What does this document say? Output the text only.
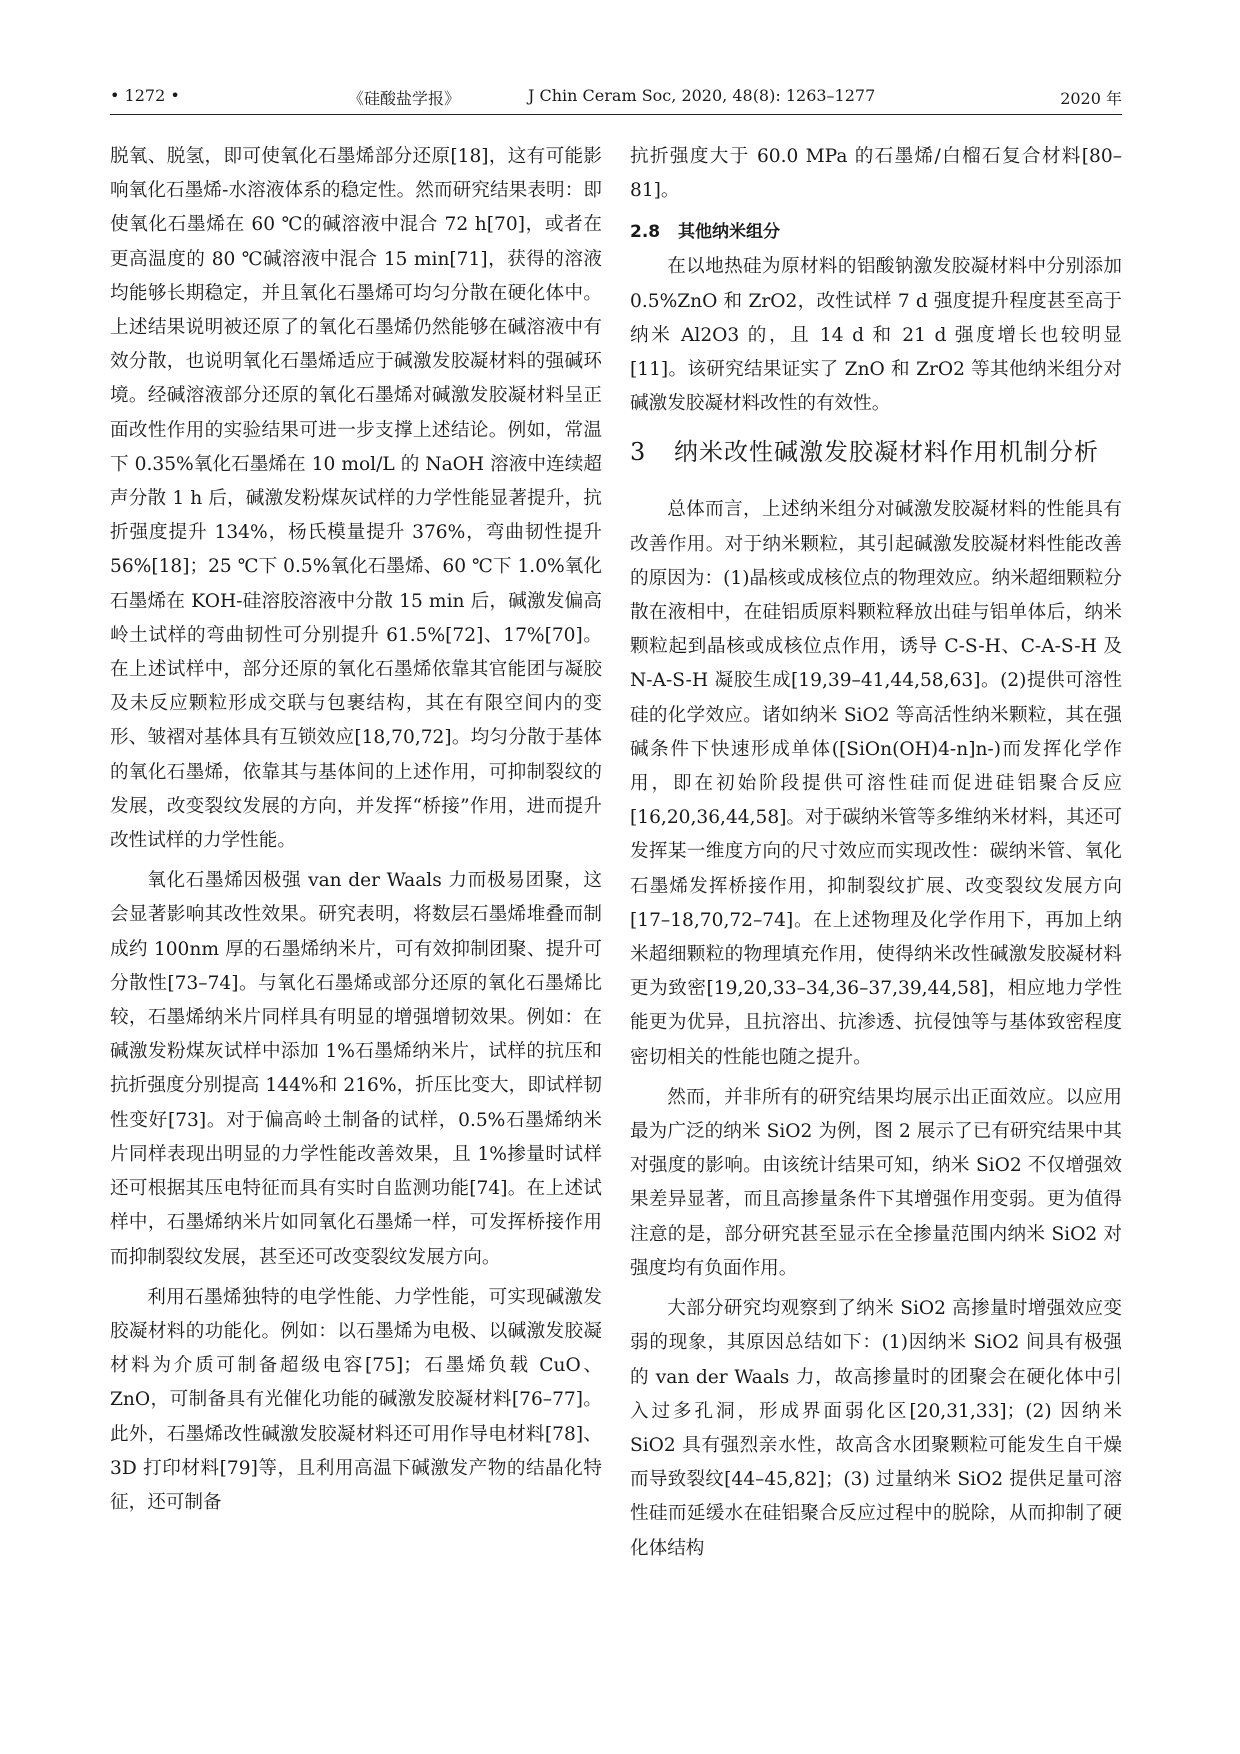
• 1272 •	《硅酸盐学报》	J Chin Ceram Soc, 2020, 48(8): 1263–1277	2020 年

脱氧、脱氢，即可使氧化石墨烯部分还原[18]，这有可能影响氧化石墨烯-水溶液体系的稳定性。然而研究结果表明：即使氧化石墨烯在 60 ℃的碱溶液中混合 72 h[70]，或者在更高温度的 80 ℃碱溶液中混合 15 min[71]，获得的溶液均能够长期稳定，并且氧化石墨烯可均匀分散在硬化体中。上述结果说明被还原了的氧化石墨烯仍然能够在碱溶液中有效分散，也说明氧化石墨烯适应于碱激发胶凝材料的强碱环境。经碱溶液部分还原的氧化石墨烯对碱激发胶凝材料呈正面改性作用的实验结果可进一步支撑上述结论。例如，常温下 0.35%氧化石墨烯在 10 mol/L 的 NaOH 溶液中连续超声分散 1 h 后，碱激发粉煤灰试样的力学性能显著提升，抗折强度提升 134%，杨氏模量提升 376%，弯曲韧性提升 56%[18]；25 ℃下 0.5%氧化石墨烯、60 ℃下 1.0%氧化石墨烯在 KOH-硅溶胶溶液中分散 15 min 后，碱激发偏高岭土试样的弯曲韧性可分别提升 61.5%[72]、17%[70]。在上述试样中，部分还原的氧化石墨烯依靠其官能团与凝胶及未反应颗粒形成交联与包裹结构，其在有限空间内的变形、皱褶对基体具有互锁效应[18,70,72]。均匀分散于基体的氧化石墨烯，依靠其与基体间的上述作用，可抑制裂纹的发展，改变裂纹发展的方向，并发挥“桥接”作用，进而提升改性试样的力学性能。

氧化石墨烯因极强 van der Waals 力而极易团聚，这会显著影响其改性效果。研究表明，将数层石墨烯堆叠而制成约 100nm 厚的石墨烯纳米片，可有效抑制团聚、提升可分散性[73–74]。与氧化石墨烯或部分还原的氧化石墨烯比较，石墨烯纳米片同样具有明显的增强增韧效果。例如：在碱激发粉煤灰试样中添加 1%石墨烯纳米片，试样的抗压和抗折强度分别提高 144%和 216%，折压比变大，即试样韧性变好[73]。对于偏高岭土制备的试样，0.5%石墨烯纳米片同样表现出明显的力学性能改善效果，且 1%掺量时试样还可根据其压电特征而具有实时自监测功能[74]。在上述试样中，石墨烯纳米片如同氧化石墨烯一样，可发挥桥接作用而抑制裂纹发展，甚至还可改变裂纹发展方向。

利用石墨烯独特的电学性能、力学性能，可实现碱激发胶凝材料的功能化。例如：以石墨烯为电极、以碱激发胶凝材料为介质可制备超级电容[75]；石墨烯负载 CuO、ZnO，可制备具有光催化功能的碱激发胶凝材料[76–77]。此外，石墨烯改性碱激发胶凝材料还可用作导电材料[78]、3D 打印材料[79]等，且利用高温下碱激发产物的结晶化特征，还可制备

抗折强度大于 60.0 MPa 的石墨烯/白榴石复合材料[80–81]。

2.8 其他纳米组分

在以地热硅为原材料的铝酸钠激发胶凝材料中分别添加 0.5%ZnO 和 ZrO2，改性试样 7 d 强度提升程度甚至高于纳米 Al2O3 的，且 14 d 和 21 d 强度增长也较明显[11]。该研究结果证实了 ZnO 和 ZrO2 等其他纳米组分对碱激发胶凝材料改性的有效性。

3	纳米改性碱激发胶凝材料作用机制分析

总体而言，上述纳米组分对碱激发胶凝材料的性能具有改善作用。对于纳米颗粒，其引起碱激发胶凝材料性能改善的原因为：(1)晶核或成核位点的物理效应。纳米超细颗粒分散在液相中，在硅铝质原料颗粒释放出硅与铝单体后，纳米颗粒起到晶核或成核位点作用，诱导 C-S-H、C-A-S-H 及 N-A-S-H 凝胶生成[19,39–41,44,58,63]。(2)提供可溶性硅的化学效应。诸如纳米 SiO2 等高活性纳米颗粒，其在强碱条件下快速形成单体([SiOn(OH)4-n]n-)而发挥化学作用，即在初始阶段提供可溶性硅而促进硅铝聚合反应[16,20,36,44,58]。对于碳纳米管等多维纳米材料，其还可发挥某一维度方向的尺寸效应而实现改性：碳纳米管、氧化石墨烯发挥桥接作用，抑制裂纹扩展、改变裂纹发展方向[17–18,70,72–74]。在上述物理及化学作用下，再加上纳米超细颗粒的物理填充作用，使得纳米改性碱激发胶凝材料更为致密[19,20,33–34,36–37,39,44,58]，相应地力学性能更为优异，且抗溶出、抗渗透、抗侵蚀等与基体致密程度密切相关的性能也随之提升。

然而，并非所有的研究结果均展示出正面效应。以应用最为广泛的纳米 SiO2 为例，图 2 展示了已有研究结果中其对强度的影响。由该统计结果可知，纳米 SiO2 不仅增强效果差异显著，而且高掺量条件下其增强作用变弱。更为值得注意的是，部分研究甚至显示在全掺量范围内纳米 SiO2 对强度均有负面作用。

大部分研究均观察到了纳米 SiO2 高掺量时增强效应变弱的现象，其原因总结如下：(1)因纳米 SiO2 间具有极强的 van der Waals 力，故高掺量时的团聚会在硬化体中引入过多孔洞，形成界面弱化区[20,31,33]；(2) 因纳米 SiO2 具有强烈亲水性，故高含水团聚颗粒可能发生自干燥而导致裂纹[44–45,82]；(3) 过量纳米 SiO2 提供足量可溶性硅而延缓水在硅铝聚合反应过程中的脱除，从而抑制了硬化体结构
